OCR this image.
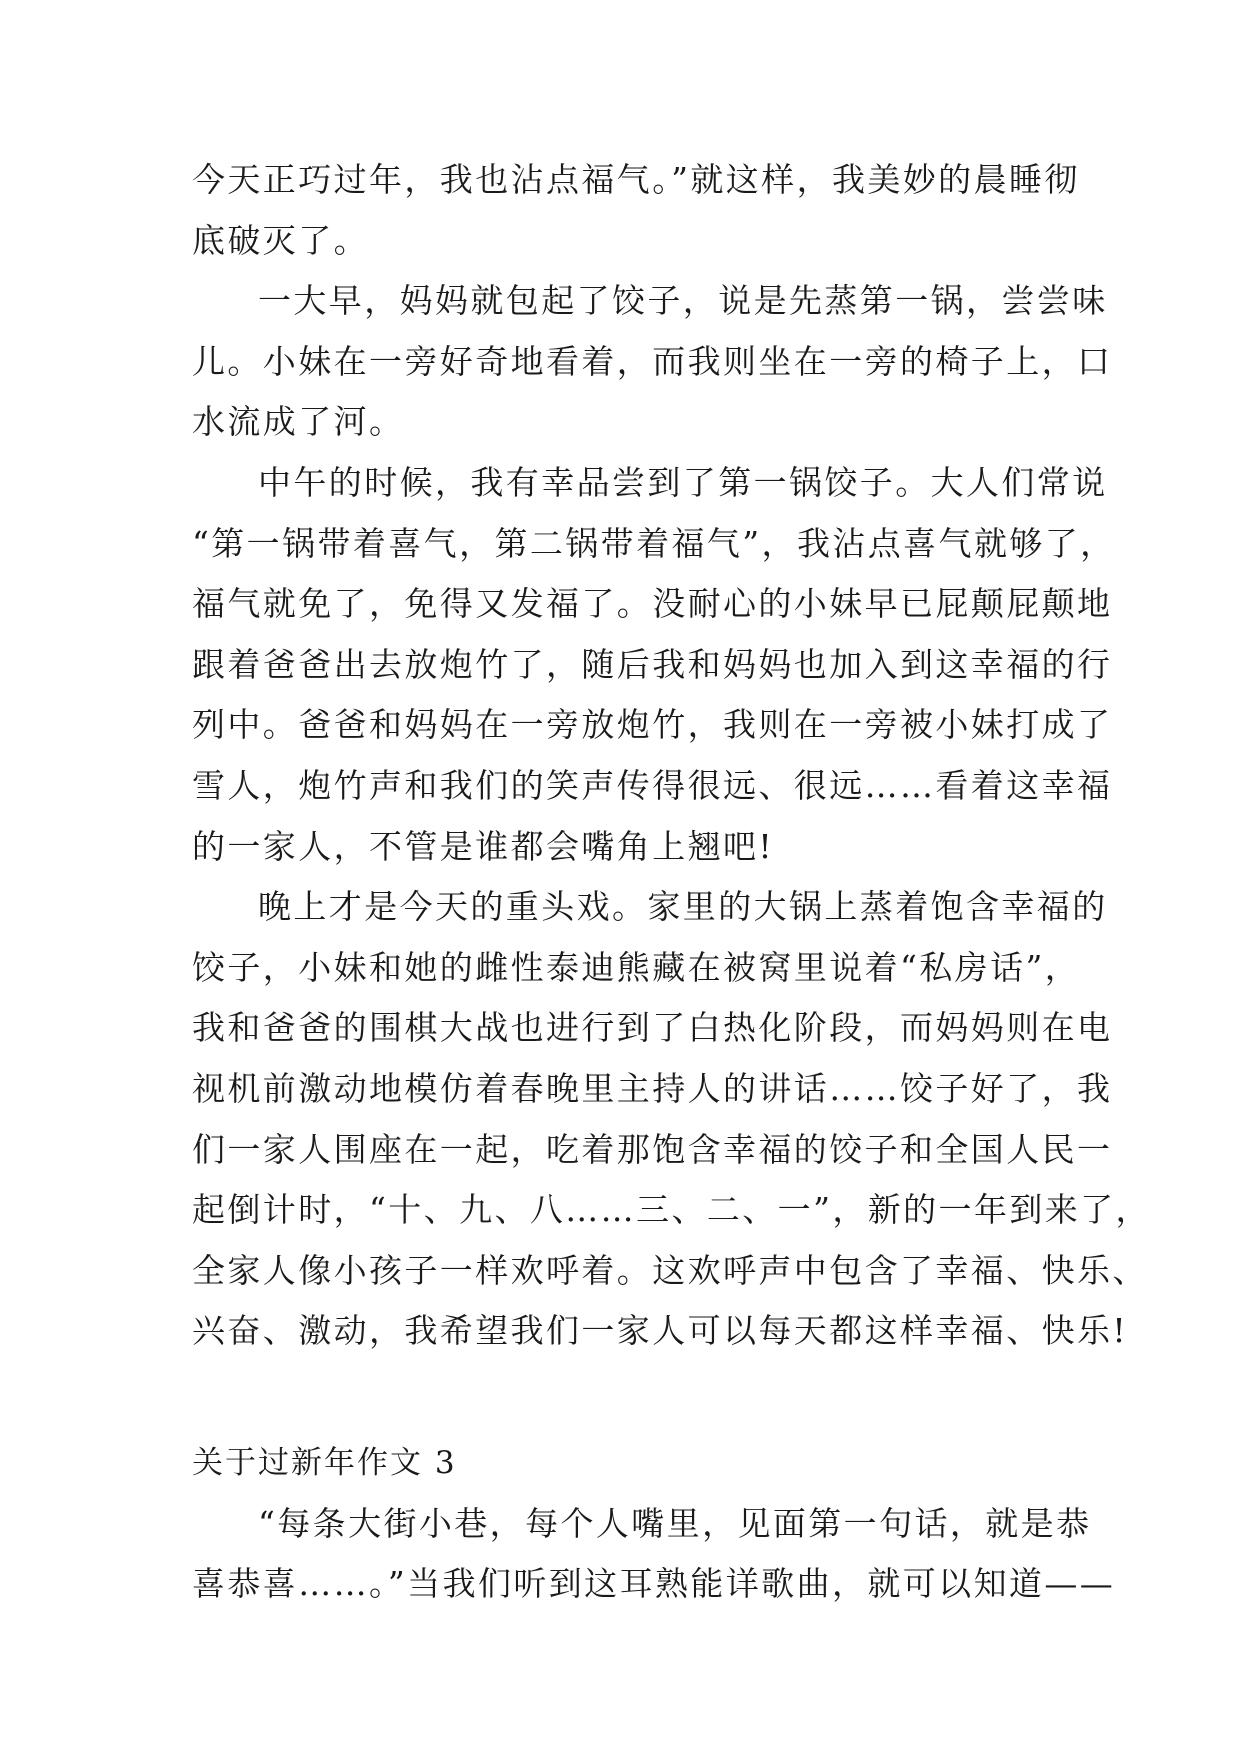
今天正巧过年，我也沾点福气。”就这样，我美妙的晨睡彻
底破灭了。
一大早，妈妈就包起了饺子，说是先蒸第一锅，尝尝味
儿。小妹在一旁好奇地看着，而我则坐在一旁的椅子上，口
水流成了河。
中午的时候，我有幸品尝到了第一锅饺子。大人们常说
“第一锅带着喜气，第二锅带着福气”，我沾点喜气就够了，
福气就免了，免得又发福了。没耐心的小妹早已屁颠屁颠地
跟着爸爸出去放炮竹了，随后我和妈妈也加入到这幸福的行
列中。爸爸和妈妈在一旁放炮竹，我则在一旁被小妹打成了
雪人，炮竹声和我们的笑声传得很远、很远……看着这幸福
的一家人，不管是谁都会嘴角上翘吧!
晚上才是今天的重头戏。家里的大锅上蒸着饱含幸福的
饺子，小妹和她的雌性泰迪熊藏在被窝里说着“私房话”，
我和爸爸的围棋大战也进行到了白热化阶段，而妈妈则在电
视机前激动地模仿着春晚里主持人的讲话……饺子好了，我
们一家人围座在一起，吃着那饱含幸福的饺子和全国人民一
起倒计时，“十、九、八……三、二、一”，新的一年到来了，
全家人像小孩子一样欢呼着。这欢呼声中包含了幸福、快乐、
兴奋、激动，我希望我们一家人可以每天都这样幸福、快乐!
关于过新年作文 3
“每条大街小巷，每个人嘴里，见面第一句话，就是恭
喜恭喜……。”当我们听到这耳熟能详歌曲，就可以知道——
